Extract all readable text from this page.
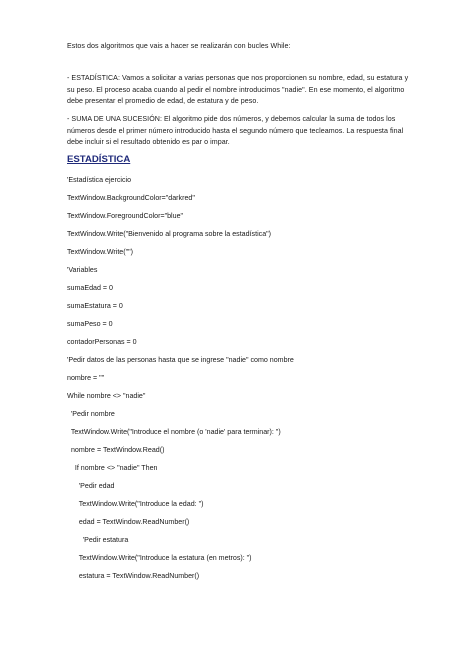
Estos dos algoritmos que vais a hacer se realizarán con bucles While:
- ESTADÍSTICA: Vamos a solicitar a varias personas que nos proporcionen su nombre, edad, su estatura y su peso. El proceso acaba cuando al pedir el nombre introducimos "nadie". En ese momento, el algoritmo debe presentar el promedio de edad, de estatura y de peso.
- SUMA DE UNA SUCESIÓN: El algoritmo pide dos números, y debemos calcular la suma de todos los números desde el primer número introducido hasta el segundo número que tecleamos. La respuesta final debe incluir si el resultado obtenido es par o impar.
ESTADÍSTICA
'Estadística ejercicio
TextWindow.BackgroundColor="darkred"
TextWindow.ForegroundColor="blue"
TextWindow.Write("Bienvenido al programa sobre la estadística")
TextWindow.Write("")
'Variables
sumaEdad = 0
sumaEstatura = 0
sumaPeso = 0
contadorPersonas = 0
'Pedir datos de las personas hasta que se ingrese "nadie" como nombre
nombre = ""
While nombre <> "nadie"
'Pedir nombre
TextWindow.Write("Introduce el nombre (o 'nadie' para terminar): ")
nombre = TextWindow.Read()
If nombre <> "nadie" Then
'Pedir edad
TextWindow.Write("Introduce la edad: ")
edad = TextWindow.ReadNumber()
'Pedir estatura
TextWindow.Write("Introduce la estatura (en metros): ")
estatura = TextWindow.ReadNumber()
